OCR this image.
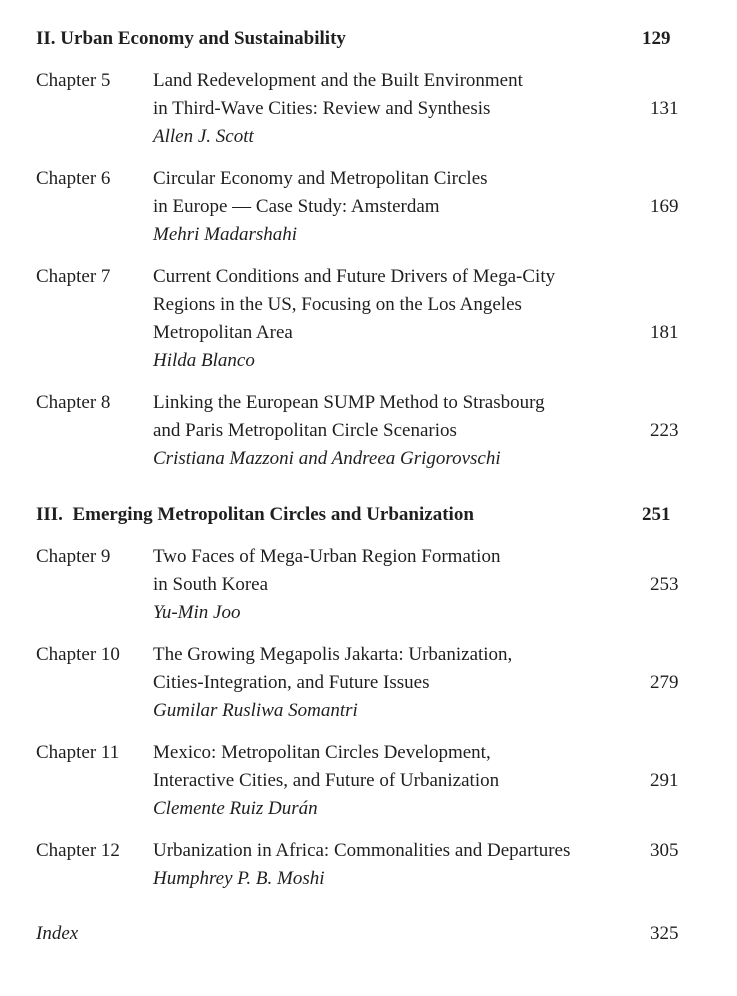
II. Urban Economy and Sustainability	129
Chapter 5 Land Redevelopment and the Built Environment
in Third-Wave Cities: Review and Synthesis
Allen J. Scott
131
Chapter 6 Circular Economy and Metropolitan Circles
in Europe — Case Study: Amsterdam
Mehri Madarshahi
169
Chapter 7 Current Conditions and Future Drivers of Mega-City
Regions in the US, Focusing on the Los Angeles
Metropolitan Area
Hilda Blanco
181
Chapter 8 Linking the European SUMP Method to Strasbourg
and Paris Metropolitan Circle Scenarios
Cristiana Mazzoni and Andreea Grigorovschi
223
III. Emerging Metropolitan Circles and Urbanization	251
Chapter 9 Two Faces of Mega-Urban Region Formation
in South Korea
Yu-Min Joo
253
Chapter 10 The Growing Megapolis Jakarta: Urbanization,
Cities-Integration, and Future Issues
Gumilar Rusliwa Somantri
279
Chapter 11 Mexico: Metropolitan Circles Development,
Interactive Cities, and Future of Urbanization
Clemente Ruiz Durán
291
Chapter 12 Urbanization in Africa: Commonalities and Departures
Humphrey P. B. Moshi
305
Index	325
